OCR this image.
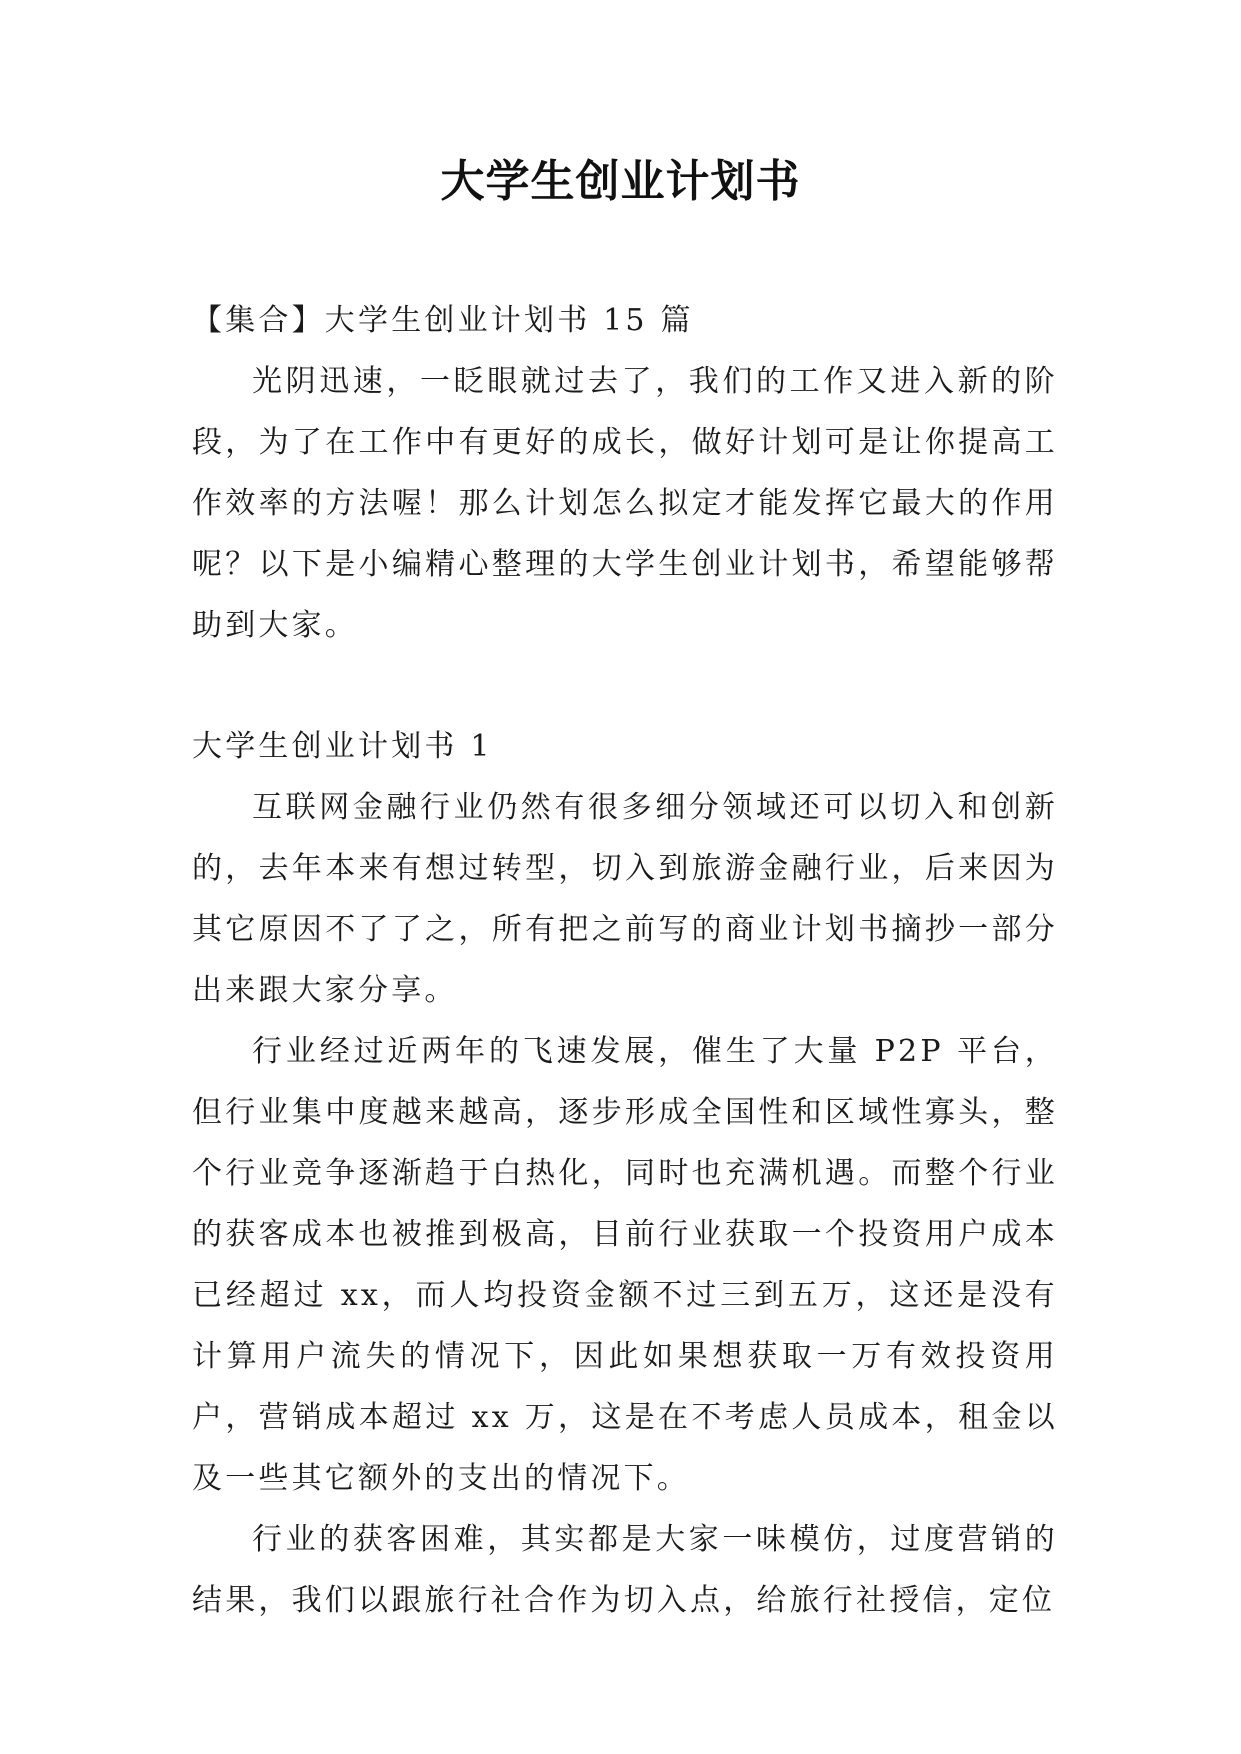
大学生创业计划书

【集合】大学生创业计划书 15 篇

光阴迅速，一眨眼就过去了，我们的工作又进入新的阶段，为了在工作中有更好的成长，做好计划可是让你提高工作效率的方法喔！那么计划怎么拟定才能发挥它最大的作用呢？以下是小编精心整理的大学生创业计划书，希望能够帮助到大家。

大学生创业计划书 1

互联网金融行业仍然有很多细分领域还可以切入和创新的，去年本来有想过转型，切入到旅游金融行业，后来因为其它原因不了了之，所有把之前写的商业计划书摘抄一部分出来跟大家分享。

行业经过近两年的飞速发展，催生了大量 P2P 平台，但行业集中度越来越高，逐步形成全国性和区域性寡头，整个行业竞争逐渐趋于白热化，同时也充满机遇。而整个行业的获客成本也被推到极高，目前行业获取一个投资用户成本已经超过 xx，而人均投资金额不过三到五万，这还是没有计算用户流失的情况下，因此如果想获取一万有效投资用户，营销成本超过 xx 万，这是在不考虑人员成本，租金以及一些其它额外的支出的情况下。

行业的获客困难，其实都是大家一味模仿，过度营销的结果，我们以跟旅行社合作为切入点，给旅行社授信，定位
